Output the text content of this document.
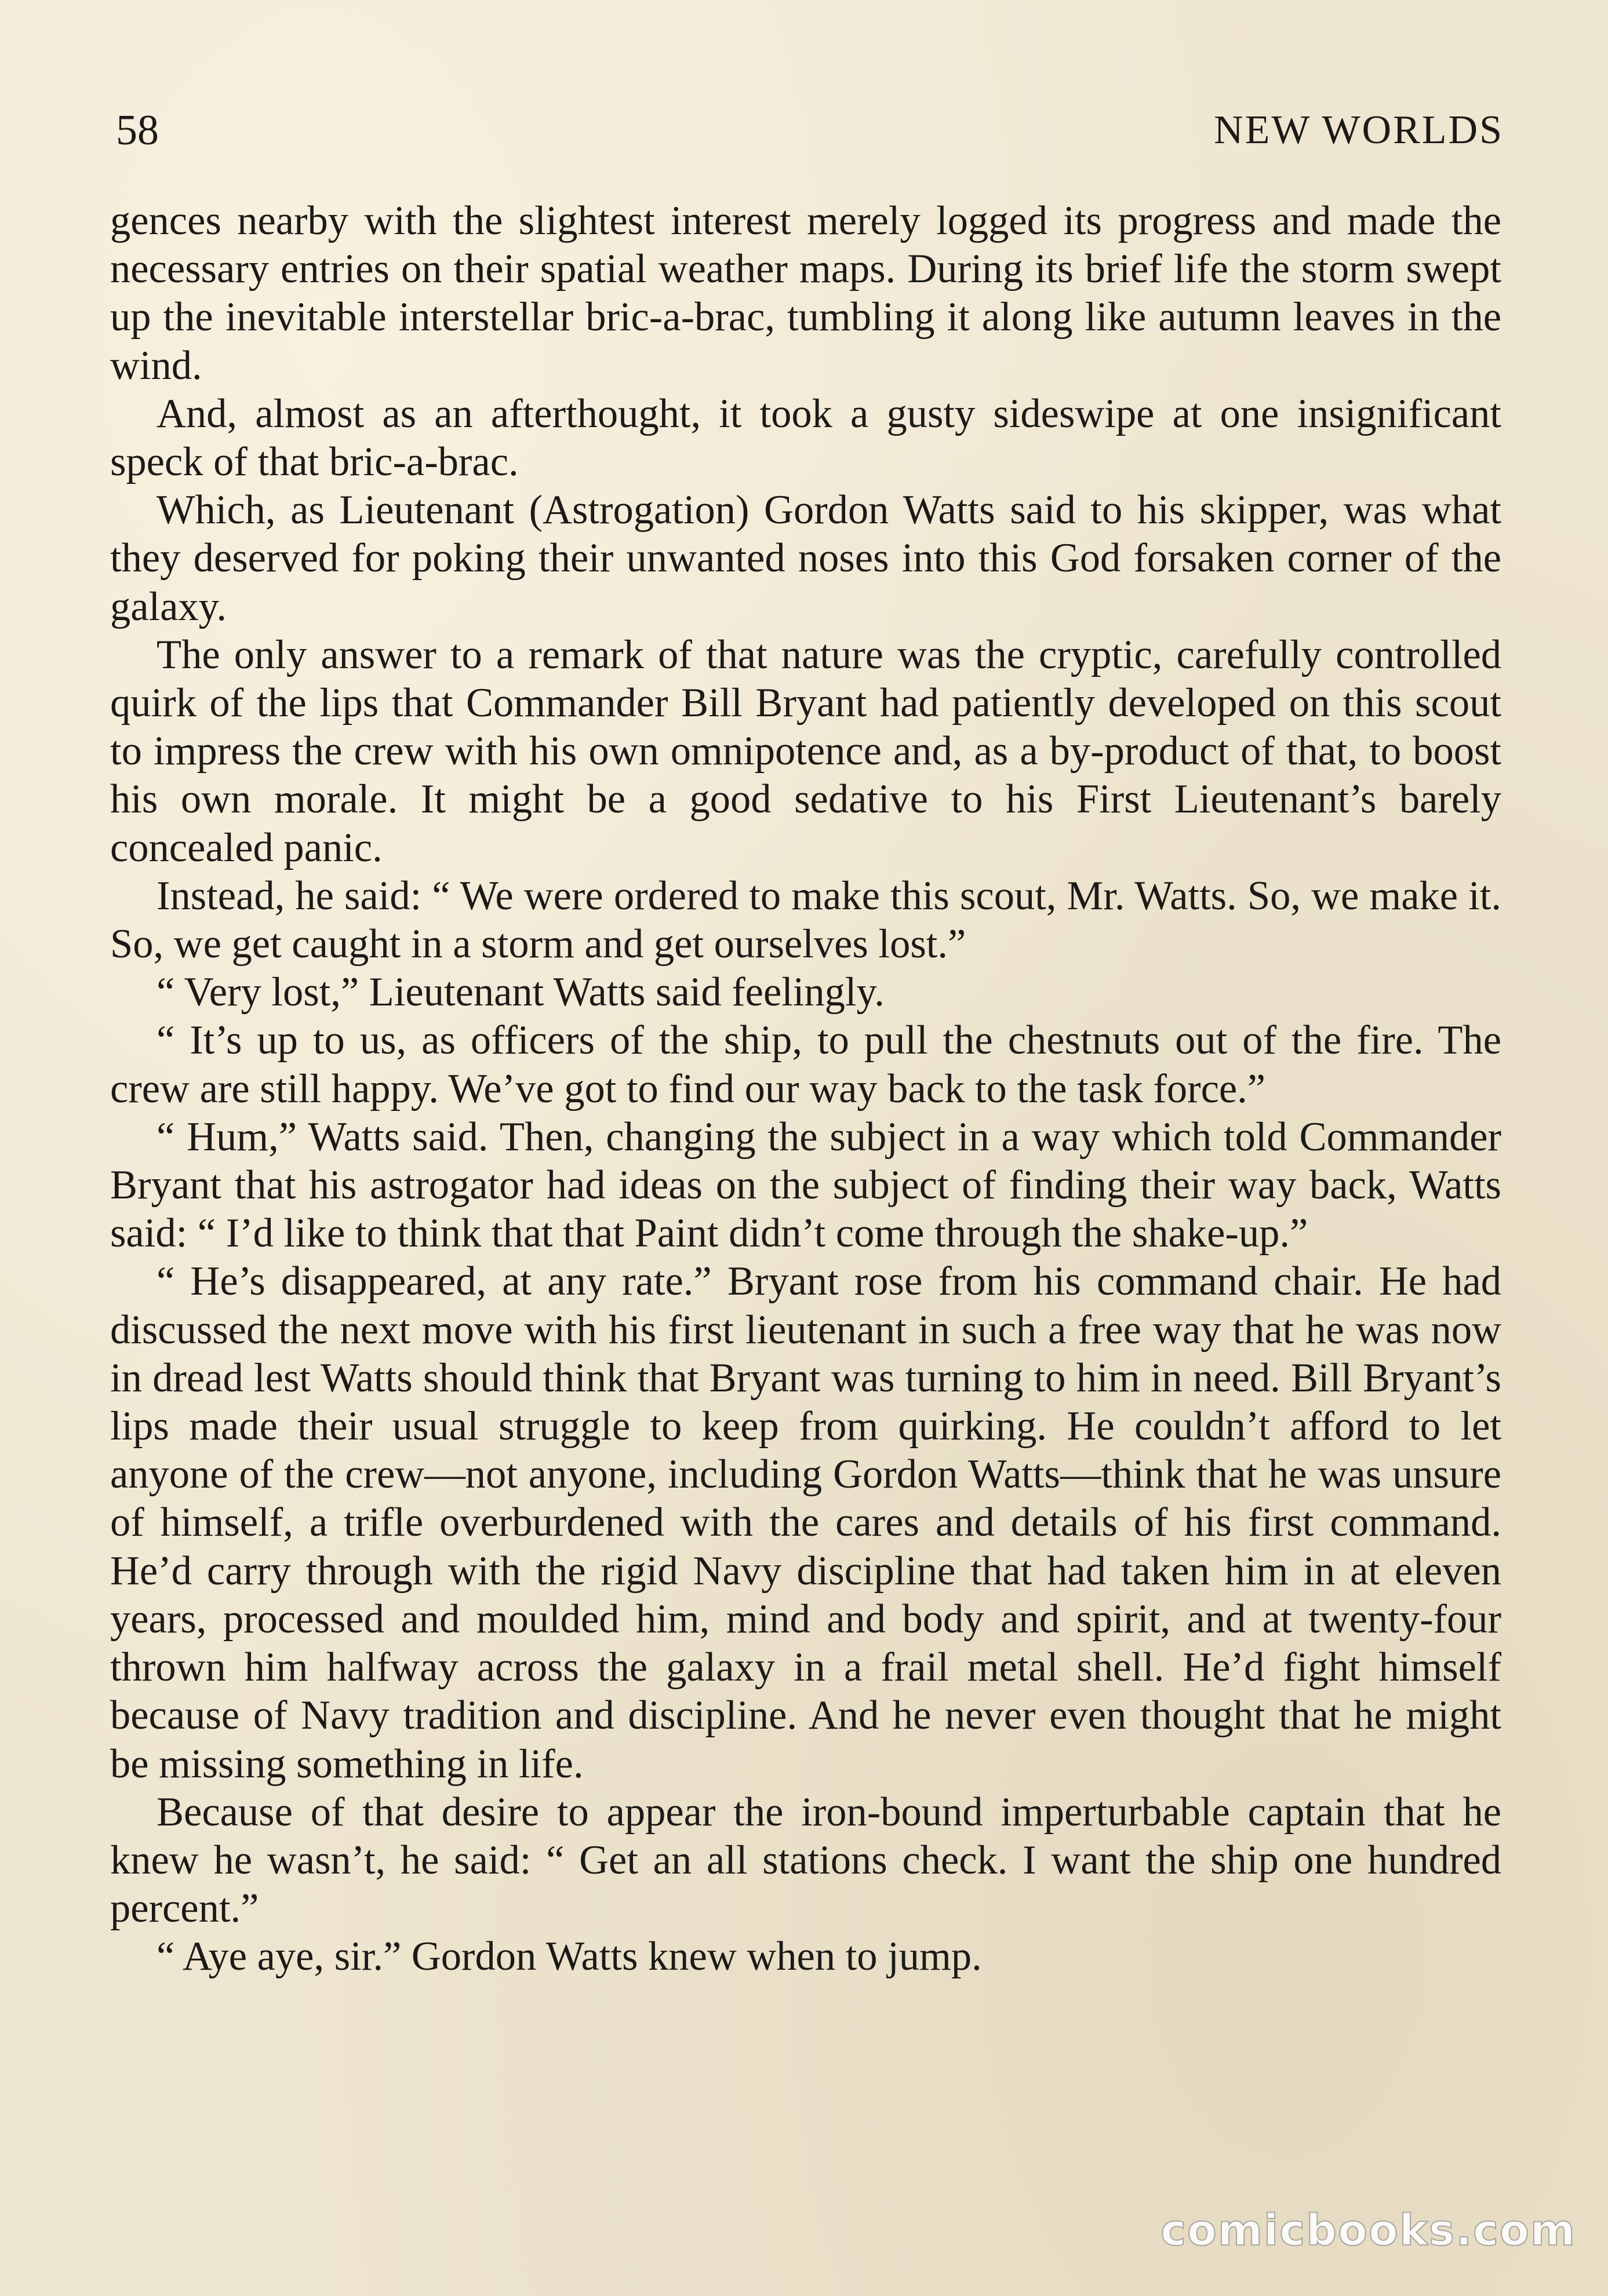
58	NEW WORLDS

gences nearby with the slightest interest merely logged its progress and made the necessary entries on their spatial weather maps. During its brief life the storm swept up the inevitable interstellar bric-a-brac, tumbling it along like autumn leaves in the wind.

And, almost as an afterthought, it took a gusty sideswipe at one insignificant speck of that bric-a-brac.

Which, as Lieutenant (Astrogation) Gordon Watts said to his skipper, was what they deserved for poking their unwanted noses into this God forsaken corner of the galaxy.

The only answer to a remark of that nature was the cryptic, carefully controlled quirk of the lips that Commander Bill Bryant had patiently developed on this scout to impress the crew with his own omnipotence and, as a by-product of that, to boost his own morale. It might be a good sedative to his First Lieutenant’s barely concealed panic.

Instead, he said: “ We were ordered to make this scout, Mr. Watts. So, we make it. So, we get caught in a storm and get ourselves lost.”

“ Very lost,” Lieutenant Watts said feelingly.

“ It’s up to us, as officers of the ship, to pull the chestnuts out of the fire. The crew are still happy. We’ve got to find our way back to the task force.”

“ Hum,” Watts said. Then, changing the subject in a way which told Commander Bryant that his astrogator had ideas on the subject of finding their way back, Watts said: “ I’d like to think that that Paint didn’t come through the shake-up.”

“ He’s disappeared, at any rate.” Bryant rose from his command chair. He had discussed the next move with his first lieutenant in such a free way that he was now in dread lest Watts should think that Bryant was turning to him in need. Bill Bryant’s lips made their usual struggle to keep from quirking. He couldn’t afford to let anyone of the crew—not anyone, including Gordon Watts—think that he was unsure of himself, a trifle overburdened with the cares and details of his first command. He’d carry through with the rigid Navy discipline that had taken him in at eleven years, processed and moulded him, mind and body and spirit, and at twenty-four thrown him halfway across the galaxy in a frail metal shell. He’d fight himself because of Navy tradition and discipline. And he never even thought that he might be missing something in life.

Because of that desire to appear the iron-bound imperturbable captain that he knew he wasn’t, he said: “ Get an all stations check. I want the ship one hundred percent.”

“ Aye aye, sir.” Gordon Watts knew when to jump.

comicbooks.com
